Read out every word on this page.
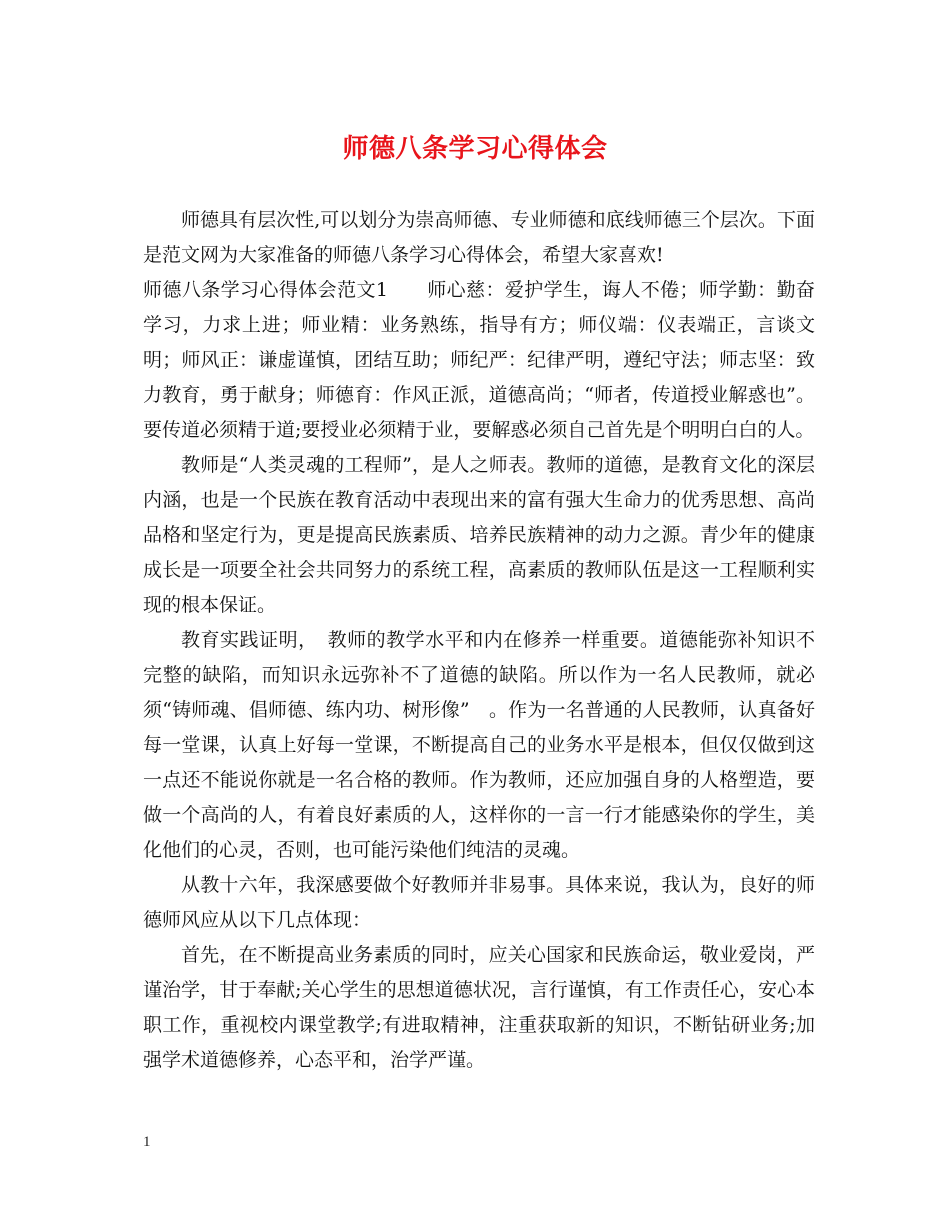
师德八条学习心得体会

师德具有层次性,可以划分为崇高师德、专业师德和底线师德三个层次。下面是范文网为大家准备的师德八条学习心得体会，希望大家喜欢!

师德八条学习心得体会范文1　　师心慈：爱护学生，诲人不倦；师学勤：勤奋学习，力求上进；师业精：业务熟练，指导有方；师仪端：仪表端正，言谈文明；师风正：谦虚谨慎，团结互助；师纪严：纪律严明，遵纪守法；师志坚：致力教育，勇于献身；师德育：作风正派，道德高尚；“师者，传道授业解惑也”。要传道必须精于道;要授业必须精于业，要解惑必须自己首先是个明明白白的人。

教师是“人类灵魂的工程师”，是人之师表。教师的道德，是教育文化的深层内涵，也是一个民族在教育活动中表现出来的富有强大生命力的优秀思想、高尚品格和坚定行为，更是提高民族素质、培养民族精神的动力之源。青少年的健康成长是一项要全社会共同努力的系统工程，高素质的教师队伍是这一工程顺利实现的根本保证。

教育实践证明，　教师的教学水平和内在修养一样重要。道德能弥补知识不完整的缺陷，而知识永远弥补不了道德的缺陷。所以作为一名人民教师，就必须“铸师魂、倡师德、练内功、树形像”　。作为一名普通的人民教师，认真备好每一堂课，认真上好每一堂课，不断提高自己的业务水平是根本，但仅仅做到这一点还不能说你就是一名合格的教师。作为教师，还应加强自身的人格塑造，要做一个高尚的人，有着良好素质的人，这样你的一言一行才能感染你的学生，美化他们的心灵，否则，也可能污染他们纯洁的灵魂。

从教十六年，我深感要做个好教师并非易事。具体来说，我认为，良好的师德师风应从以下几点体现：

首先，在不断提高业务素质的同时，应关心国家和民族命运，敬业爱岗，严谨治学，甘于奉献;关心学生的思想道德状况，言行谨慎，有工作责任心，安心本职工作，重视校内课堂教学;有进取精神，注重获取新的知识，不断钻研业务;加强学术道德修养，心态平和，治学严谨。

1
